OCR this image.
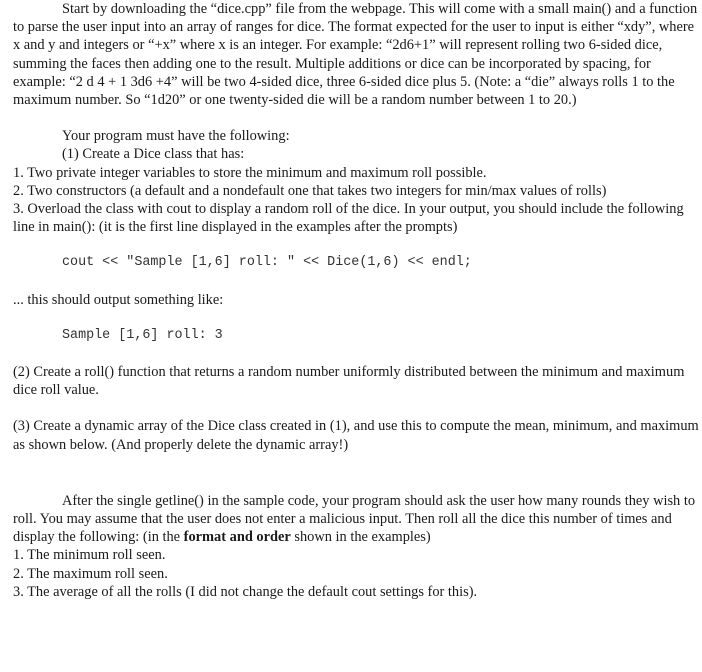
Start by downloading the “dice.cpp” file from the webpage. This will come with a small main() and a function to parse the user input into an array of ranges for dice. The format expected for the user to input is either “xdy”, where x and y and integers or “+x” where x is an integer. For example: “2d6+1” will represent rolling two 6-sided dice, summing the faces then adding one to the result. Multiple additions or dice can be incorporated by spacing, for example: “2 d 4 + 1 3d6 +4” will be two 4-sided dice, three 6-sided dice plus 5. (Note: a “die” always rolls 1 to the maximum number. So “1d20” or one twenty-sided die will be a random number between 1 to 20.)

Your program must have the following:

(1) Create a Dice class that has:

1. Two private integer variables to store the minimum and maximum roll possible.

2. Two constructors (a default and a nondefault one that takes two integers for min/max values of rolls)

3. Overload the class with cout to display a random roll of the dice. In your output, you should include the following line in main(): (it is the first line displayed in the examples after the prompts)

cout << "Sample [1,6] roll: " << Dice(1,6) << endl;

... this should output something like:

Sample [1,6] roll: 3

(2) Create a roll() function that returns a random number uniformly distributed between the minimum and maximum dice roll value.

(3) Create a dynamic array of the Dice class created in (1), and use this to compute the mean, minimum, and maximum as shown below. (And properly delete the dynamic array!)

After the single getline() in the sample code, your program should ask the user how many rounds they wish to roll. You may assume that the user does not enter a malicious input. Then roll all the dice this number of times and display the following: (in the format and order shown in the examples)

1. The minimum roll seen.

2. The maximum roll seen.

3. The average of all the rolls (I did not change the default cout settings for this).
